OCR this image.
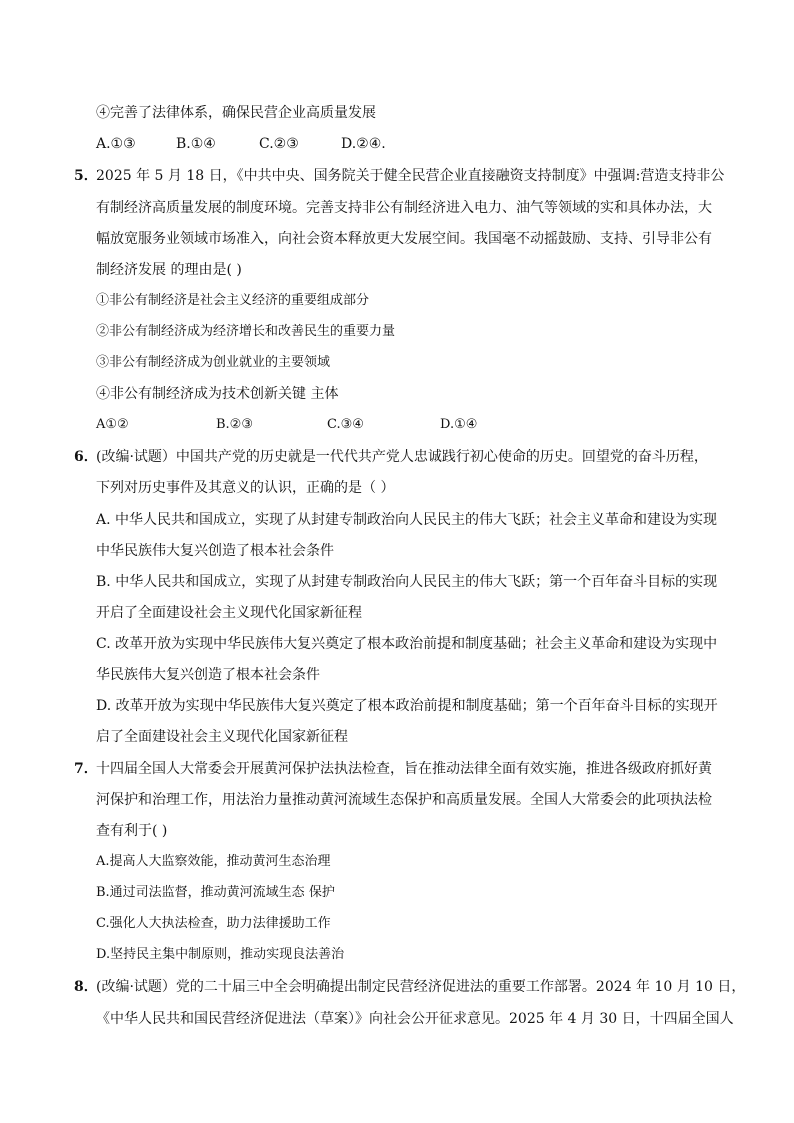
④完善了法律体系，确保民营企业高质量发展
A.①③	B.①④	C.②③	D.②④.
5．
2025 年 5 月 18 日，《中共中央、国务院关于健全民营企业直接融资支持制度》中强调:营造支持非公
有制经济高质量发展的制度环境。完善支持非公有制经济进入电力、油气等领域的实和具体办法，大
幅放宽服务业领域市场准入，向社会资本释放更大发展空间。我国毫不动摇鼓励、支持、引导非公有
制经济发展 的理由是( )
①非公有制经济是社会主义经济的重要组成部分
②非公有制经济成为经济增长和改善民生的重要力量
③非公有制经济成为创业就业的主要领域
④非公有制经济成为技术创新关键 主体
A①②	B.②③	C.③④	D.①④
6．
(改编·试题）中国共产党的历史就是一代代共产党人忠诚践行初心使命的历史。回望党的奋斗历程，
下列对历史事件及其意义的认识，正确的是（ ）
A. 中华人民共和国成立，实现了从封建专制政治向人民民主的伟大飞跃；社会主义革命和建设为实现
中华民族伟大复兴创造了根本社会条件
B. 中华人民共和国成立，实现了从封建专制政治向人民民主的伟大飞跃；第一个百年奋斗目标的实现
开启了全面建设社会主义现代化国家新征程
C. 改革开放为实现中华民族伟大复兴奠定了根本政治前提和制度基础；社会主义革命和建设为实现中
华民族伟大复兴创造了根本社会条件
D. 改革开放为实现中华民族伟大复兴奠定了根本政治前提和制度基础；第一个百年奋斗目标的实现开
启了全面建设社会主义现代化国家新征程
7．
十四届全国人大常委会开展黄河保护法执法检查，旨在推动法律全面有效实施，推进各级政府抓好黄
河保护和治理工作，用法治力量推动黄河流域生态保护和高质量发展。全国人大常委会的此项执法检
查有利于( )
A.提高人大监察效能，推动黄河生态治理
B.通过司法监督，推动黄河流域生态 保护
C.强化人大执法检查，助力法律援助工作
D.坚持民主集中制原则，推动实现良法善治
8．
(改编·试题）党的二十届三中全会明确提出制定民营经济促进法的重要工作部署。2024 年 10 月 10 日，
《中华人民共和国民营经济促进法（草案）》向社会公开征求意见。2025 年 4 月 30 日，十四届全国人
